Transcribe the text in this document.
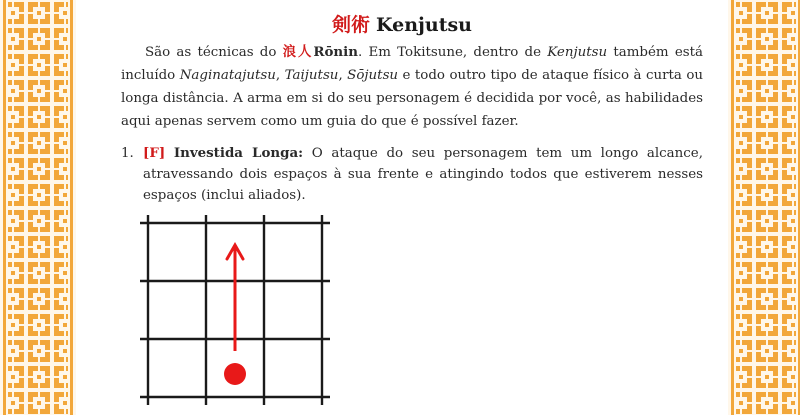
剣術 Kenjutsu
São as técnicas do 浪人Rōnin. Em Tokitsune, dentro de Kenjutsu também está incluído Naginatajutsu, Taijutsu, Sōjutsu e todo outro tipo de ataque físico à curta ou longa distância. A arma em si do seu personagem é decidida por você, as habilidades aqui apenas servem como um guia do que é possível fazer.
1. [F] Investida Longa: O ataque do seu personagem tem um longo alcance, atravessando dois espaços à sua frente e atingindo todos que estiverem nesses espaços (inclui aliados).
